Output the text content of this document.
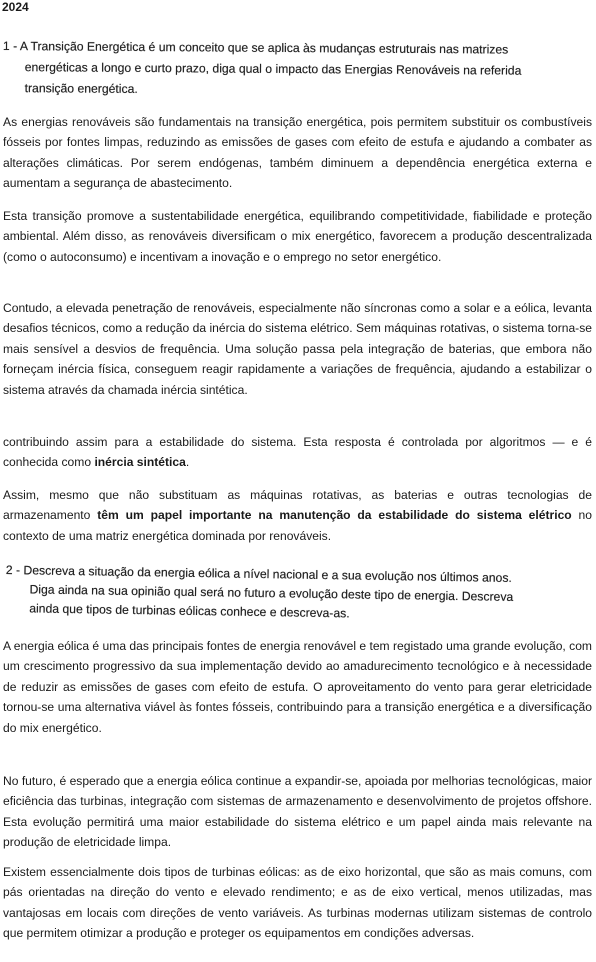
2024
1 - A Transição Energética é um conceito que se aplica às mudanças estruturais nas matrizes
energéticas a longo e curto prazo, diga qual o impacto das Energias Renováveis na referida
transição energética.

As energias renováveis são fundamentais na transição energética, pois permitem substituir os combustíveis fósseis por fontes limpas, reduzindo as emissões de gases com efeito de estufa e ajudando a combater as alterações climáticas. Por serem endógenas, também diminuem a dependência energética externa e aumentam a segurança de abastecimento.

Esta transição promove a sustentabilidade energética, equilibrando competitividade, fiabilidade e proteção ambiental. Além disso, as renováveis diversificam o mix energético, favorecem a produção descentralizada (como o autoconsumo) e incentivam a inovação e o emprego no setor energético.

Contudo, a elevada penetração de renováveis, especialmente não síncronas como a solar e a eólica, levanta desafios técnicos, como a redução da inércia do sistema elétrico. Sem máquinas rotativas, o sistema torna-se mais sensível a desvios de frequência. Uma solução passa pela integração de baterias, que embora não forneçam inércia física, conseguem reagir rapidamente a variações de frequência, ajudando a estabilizar o sistema através da chamada inércia sintética.

contribuindo assim para a estabilidade do sistema. Esta resposta é controlada por algoritmos — e é conhecida como inércia sintética.

Assim, mesmo que não substituam as máquinas rotativas, as baterias e outras tecnologias de armazenamento têm um papel importante na manutenção da estabilidade do sistema elétrico no contexto de uma matriz energética dominada por renováveis.

2 - Descreva a situação da energia eólica a nível nacional e a sua evolução nos últimos anos.
Diga ainda na sua opinião qual será no futuro a evolução deste tipo de energia. Descreva
ainda que tipos de turbinas eólicas conhece e descreva-as.

A energia eólica é uma das principais fontes de energia renovável e tem registado uma grande evolução, com um crescimento progressivo da sua implementação devido ao amadurecimento tecnológico e à necessidade de reduzir as emissões de gases com efeito de estufa. O aproveitamento do vento para gerar eletricidade tornou-se uma alternativa viável às fontes fósseis, contribuindo para a transição energética e a diversificação do mix energético.

No futuro, é esperado que a energia eólica continue a expandir-se, apoiada por melhorias tecnológicas, maior eficiência das turbinas, integração com sistemas de armazenamento e desenvolvimento de projetos offshore. Esta evolução permitirá uma maior estabilidade do sistema elétrico e um papel ainda mais relevante na produção de eletricidade limpa.

Existem essencialmente dois tipos de turbinas eólicas: as de eixo horizontal, que são as mais comuns, com pás orientadas na direção do vento e elevado rendimento; e as de eixo vertical, menos utilizadas, mas vantajosas em locais com direções de vento variáveis. As turbinas modernas utilizam sistemas de controlo que permitem otimizar a produção e proteger os equipamentos em condições adversas.
